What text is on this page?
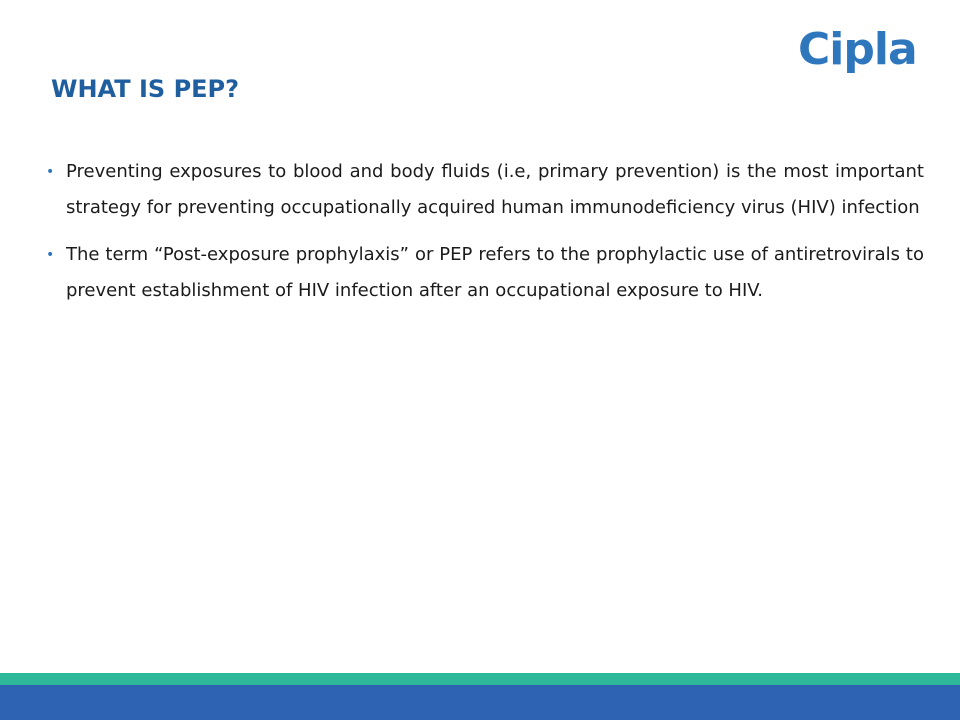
Cipla
WHAT IS PEP?
• Preventing exposures to blood and body fluids (i.e, primary prevention) is the most important strategy for preventing occupationally acquired human immunodeficiency virus (HIV) infection
• The term “Post-exposure prophylaxis” or PEP refers to the prophylactic use of antiretrovirals to prevent establishment of HIV infection after an occupational exposure to HIV.
